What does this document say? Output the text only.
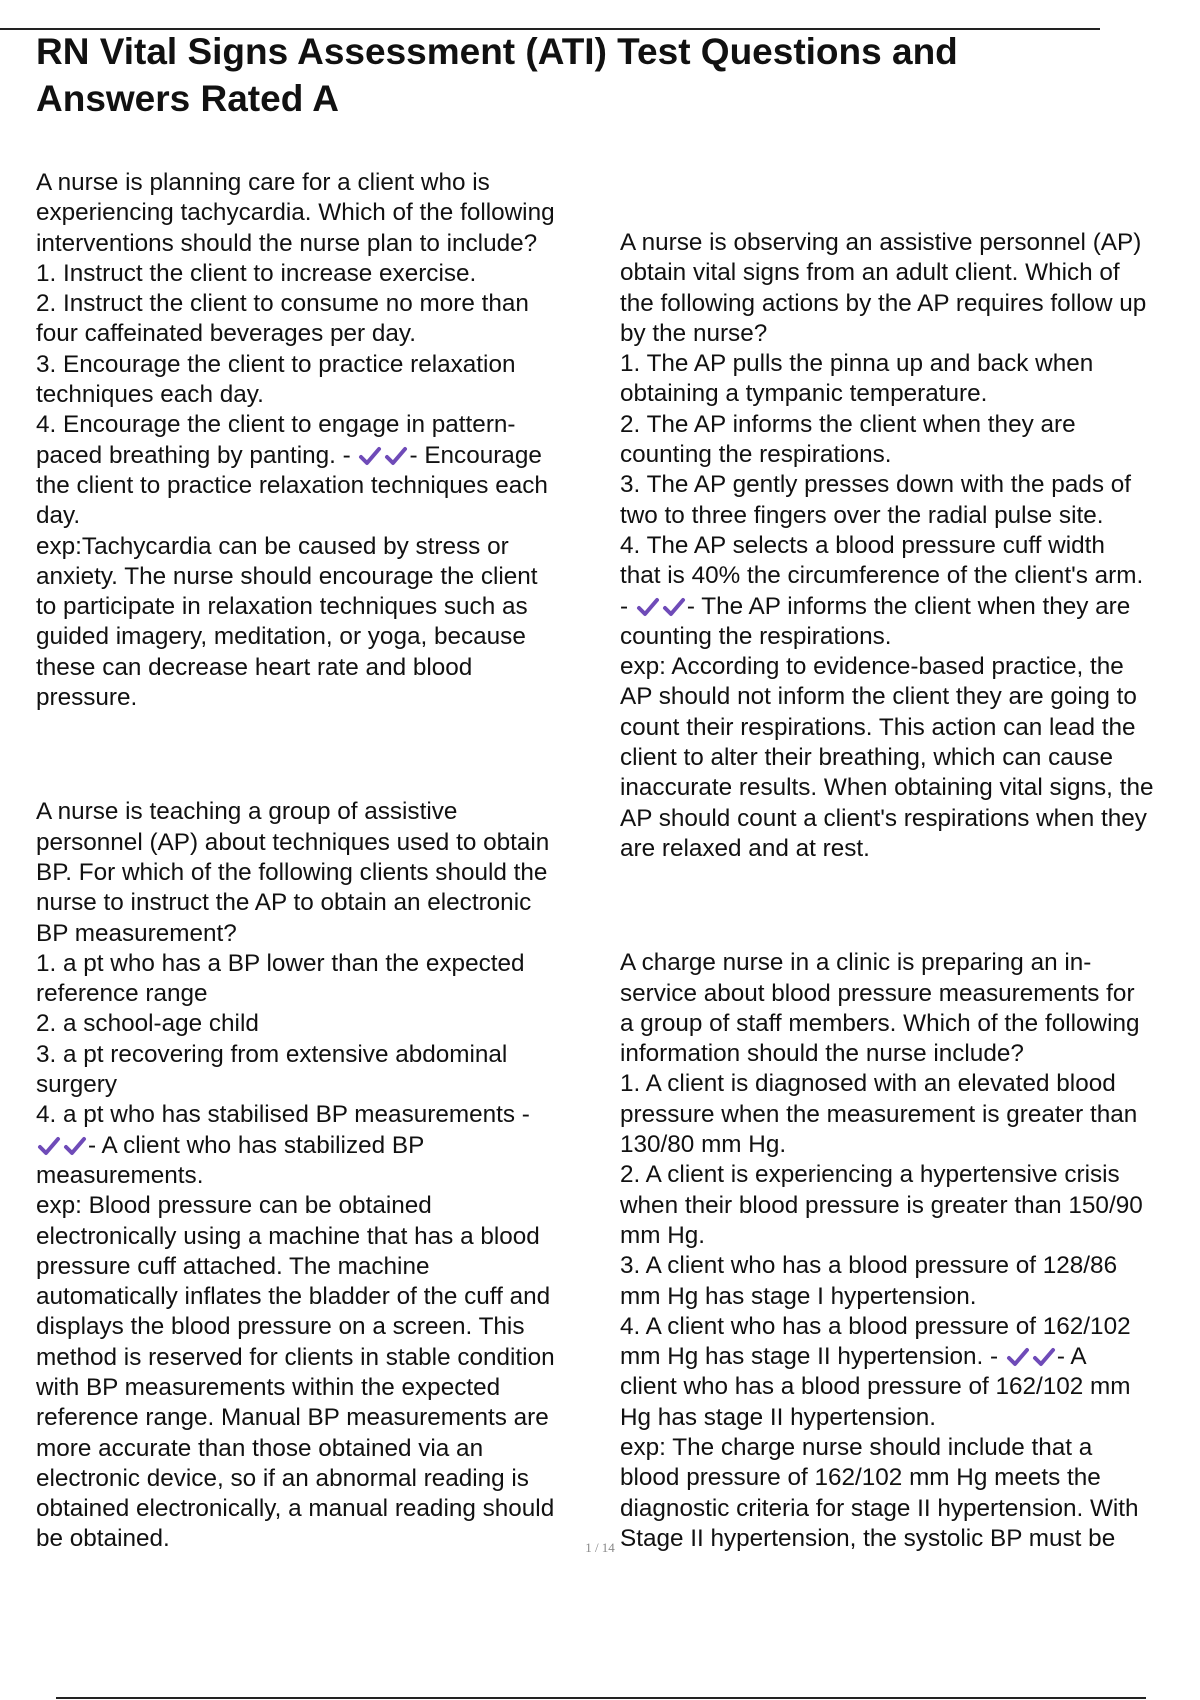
RN Vital Signs Assessment (ATI) Test Questions and
Answers Rated A
A nurse is planning care for a client who is
experiencing tachycardia. Which of the following
interventions should the nurse plan to include?
1. Instruct the client to increase exercise.
2. Instruct the client to consume no more than
four caffeinated beverages per day.
3. Encourage the client to practice relaxation
techniques each day.
4. Encourage the client to engage in pattern-
paced breathing by panting. -
- Encourage
the client to practice relaxation techniques each
day.
exp:Tachycardia can be caused by stress or
anxiety. The nurse should encourage the client
to participate in relaxation techniques such as
guided imagery, meditation, or yoga, because
these can decrease heart rate and blood
pressure.
A nurse is teaching a group of assistive
personnel (AP) about techniques used to obtain
BP. For which of the following clients should the
nurse to instruct the AP to obtain an electronic
BP measurement?
1. a pt who has a BP lower than the expected
reference range
2. a school-age child
3. a pt recovering from extensive abdominal
surgery
4. a pt who has stabilised BP measurements -
- A client who has stabilized BP
measurements.
exp: Blood pressure can be obtained
electronically using a machine that has a blood
pressure cuff attached. The machine
automatically inflates the bladder of the cuff and
displays the blood pressure on a screen. This
method is reserved for clients in stable condition
with BP measurements within the expected
reference range. Manual BP measurements are
more accurate than those obtained via an
electronic device, so if an abnormal reading is
obtained electronically, a manual reading should
be obtained.
A nurse is observing an assistive personnel (AP)
obtain vital signs from an adult client. Which of
the following actions by the AP requires follow up
by the nurse?
1. The AP pulls the pinna up and back when
obtaining a tympanic temperature.
2. The AP informs the client when they are
counting the respirations.
3. The AP gently presses down with the pads of
two to three fingers over the radial pulse site.
4. The AP selects a blood pressure cuff width
that is 40% the circumference of the client's arm.
-
- The AP informs the client when they are
counting the respirations.
exp: According to evidence-based practice, the
AP should not inform the client they are going to
count their respirations. This action can lead the
client to alter their breathing, which can cause
inaccurate results. When obtaining vital signs, the
AP should count a client's respirations when they
are relaxed and at rest.
A charge nurse in a clinic is preparing an in-
service about blood pressure measurements for
a group of staff members. Which of the following
information should the nurse include?
1. A client is diagnosed with an elevated blood
pressure when the measurement is greater than
130/80 mm Hg.
2. A client is experiencing a hypertensive crisis
when their blood pressure is greater than 150/90
mm Hg.
3. A client who has a blood pressure of 128/86
mm Hg has stage I hypertension.
4. A client who has a blood pressure of 162/102
mm Hg has stage II hypertension. -
- A
client who has a blood pressure of 162/102 mm
Hg has stage II hypertension.
exp: The charge nurse should include that a
blood pressure of 162/102 mm Hg meets the
diagnostic criteria for stage II hypertension. With
Stage II hypertension, the systolic BP must be
1 / 14
